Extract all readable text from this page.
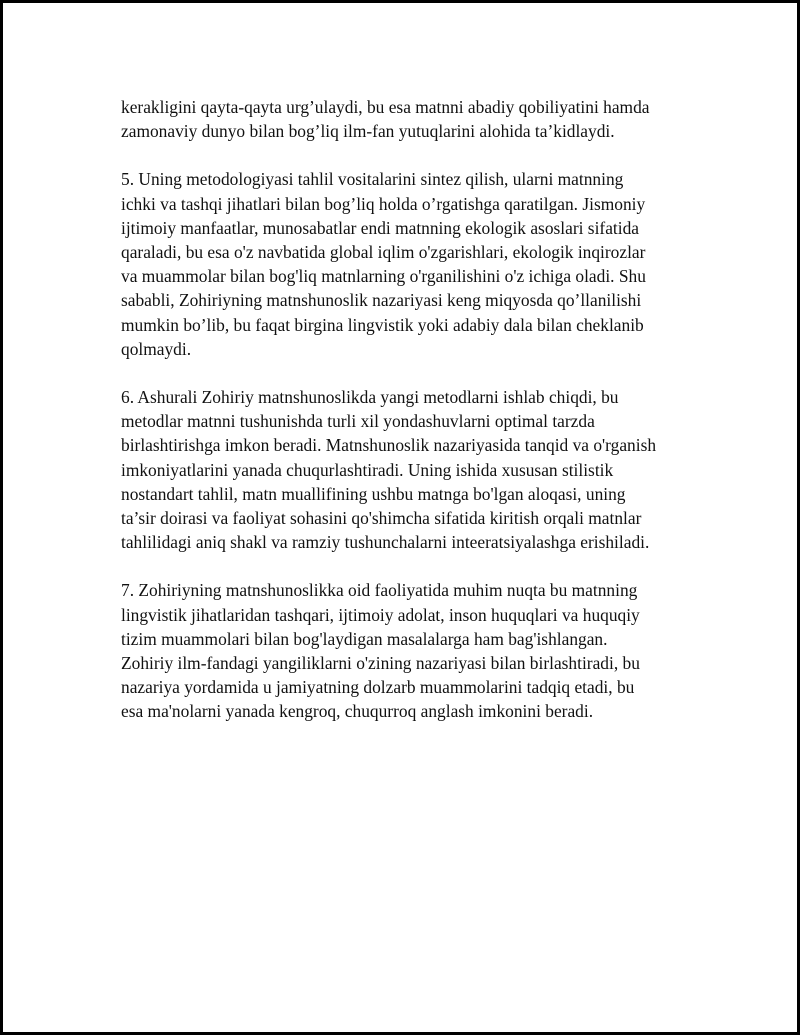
kerakligini qayta-qayta urg’ulaydi, bu esa matnni abadiy qobiliyatini hamda
zamonaviy dunyo bilan bog’liq ilm-fan yutuqlarini alohida ta’kidlaydi.

5. Uning metodologiyasi tahlil vositalarini sintez qilish, ularni matnning
ichki va tashqi jihatlari bilan bog’liq holda o’rgatishga qaratilgan. Jismoniy
ijtimoiy manfaatlar, munosabatlar endi matnning ekologik asoslari sifatida
qaraladi, bu esa o'z navbatida global iqlim o'zgarishlari, ekologik inqirozlar
va muammolar bilan bog'liq matnlarning o'rganilishini o'z ichiga oladi. Shu
sababli, Zohiriyning matnshunoslik nazariyasi keng miqyosda qo’llanilishi
mumkin bo’lib, bu faqat birgina lingvistik yoki adabiy dala bilan cheklanib
qolmaydi.

6. Ashurali Zohiriy matnshunoslikda yangi metodlarni ishlab chiqdi, bu
metodlar matnni tushunishda turli xil yondashuvlarni optimal tarzda
birlashtirishga imkon beradi. Matnshunoslik nazariyasida tanqid va o'rganish
imkoniyatlarini yanada chuqurlashtiradi. Uning ishida xususan stilistik
nostandart tahlil, matn muallifining ushbu matnga bo'lgan aloqasi, uning
ta’sir doirasi va faoliyat sohasini qo'shimcha sifatida kiritish orqali matnlar
tahlilidagi aniq shakl va ramziy tushunchalarni inteeratsiyalashga erishiladi.

7. Zohiriyning matnshunoslikka oid faoliyatida muhim nuqta bu matnning
lingvistik jihatlaridan tashqari, ijtimoiy adolat, inson huquqlari va huquqiy
tizim muammolari bilan bog'laydigan masalalarga ham bag'ishlangan.
Zohiriy ilm-fandagi yangiliklarni o'zining nazariyasi bilan birlashtiradi, bu
nazariya yordamida u jamiyatning dolzarb muammolarini tadqiq etadi, bu
esa ma'nolarni yanada kengroq, chuqurroq anglash imkonini beradi.
